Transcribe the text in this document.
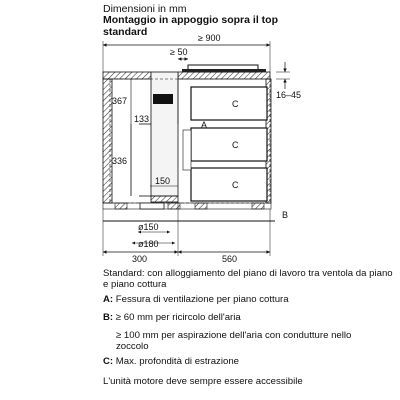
Dimensioni in mm
Montaggio in appoggio sopra il top standard	≥ 900
≥ 50
123
367
133
336
150
16–45
ø150
ø180
300	560
A
B
C
C
C
Standard: con alloggiamento del piano di lavoro tra ventola da piano e piano cottura
A: Fessura di ventilazione per piano cottura
B: ≥ 60 mm per ricircolo dell'aria
≥ 100 mm per aspirazione dell'aria con condutture nello zoccolo
C: Max. profondità di estrazione
L'unità motore deve sempre essere accessibile
